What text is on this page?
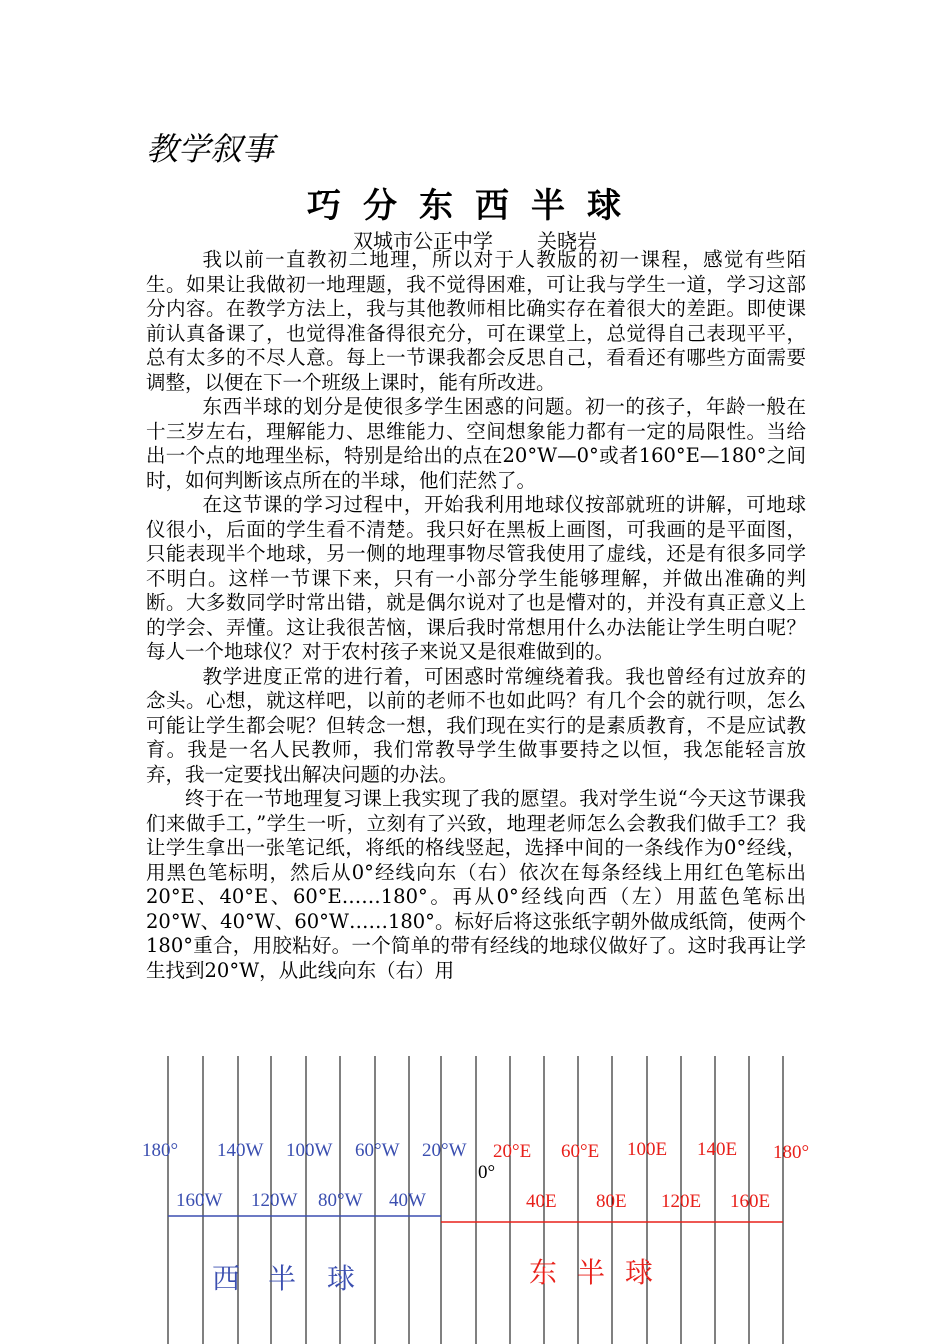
教学叙事
巧分东西半球
双城市公正中学 关晓岩

我以前一直教初二地理，所以对于人教版的初一课程，感觉有些陌生。如果让我做初一地理题，我不觉得困难，可让我与学生一道，学习这部分内容。在教学方法上，我与其他教师相比确实存在着很大的差距。即使课前认真备课了，也觉得准备得很充分，可在课堂上，总觉得自己表现平平，总有太多的不尽人意。每上一节课我都会反思自己，看看还有哪些方面需要调整，以便在下一个班级上课时，能有所改进。

东西半球的划分是使很多学生困惑的问题。初一的孩子，年龄一般在十三岁左右，理解能力、思维能力、空间想象能力都有一定的局限性。当给出一个点的地理坐标，特别是给出的点在20°W—0°或者160°E—180°之间时，如何判断该点所在的半球，他们茫然了。

在这节课的学习过程中，开始我利用地球仪按部就班的讲解，可地球仪很小，后面的学生看不清楚。我只好在黑板上画图，可我画的是平面图，只能表现半个地球，另一侧的地理事物尽管我使用了虚线，还是有很多同学不明白。这样一节课下来，只有一小部分学生能够理解，并做出准确的判断。大多数同学时常出错，就是偶尔说对了也是懵对的，并没有真正意义上的学会、弄懂。这让我很苦恼，课后我时常想用什么办法能让学生明白呢？每人一个地球仪？对于农村孩子来说又是很难做到的。

教学进度正常的进行着，可困惑时常缠绕着我。我也曾经有过放弃的念头。心想，就这样吧，以前的老师不也如此吗？有几个会的就行呗，怎么可能让学生都会呢？但转念一想，我们现在实行的是素质教育，不是应试教育。我是一名人民教师，我们常教导学生做事要持之以恒，我怎能轻言放弃，我一定要找出解决问题的办法。

终于在一节地理复习课上我实现了我的愿望。我对学生说“今天这节课我们来做手工，”学生一听，立刻有了兴致，地理老师怎么会教我们做手工？我让学生拿出一张笔记纸，将纸的格线竖起，选择中间的一条线作为0°经线，用黑色笔标明，然后从0°经线向东（右）依次在每条经线上用红色笔标出20°E、40°E、60°E……180°。再从0°经线向西（左）用蓝色笔标出20°W、40°W、60°W……180°。标好后将这张纸字朝外做成纸筒，使两个180°重合，用胶粘好。一个简单的带有经线的地球仪做好了。这时我再让学生找到20°W，从此线向东（右）用

180° 140W 100W 60°W 20°W
160W 120W 80°W 40W
0°
20°E 60°E 100E 140E 180°
40E 80E 120E 160E
西 半 球	东 半 球
